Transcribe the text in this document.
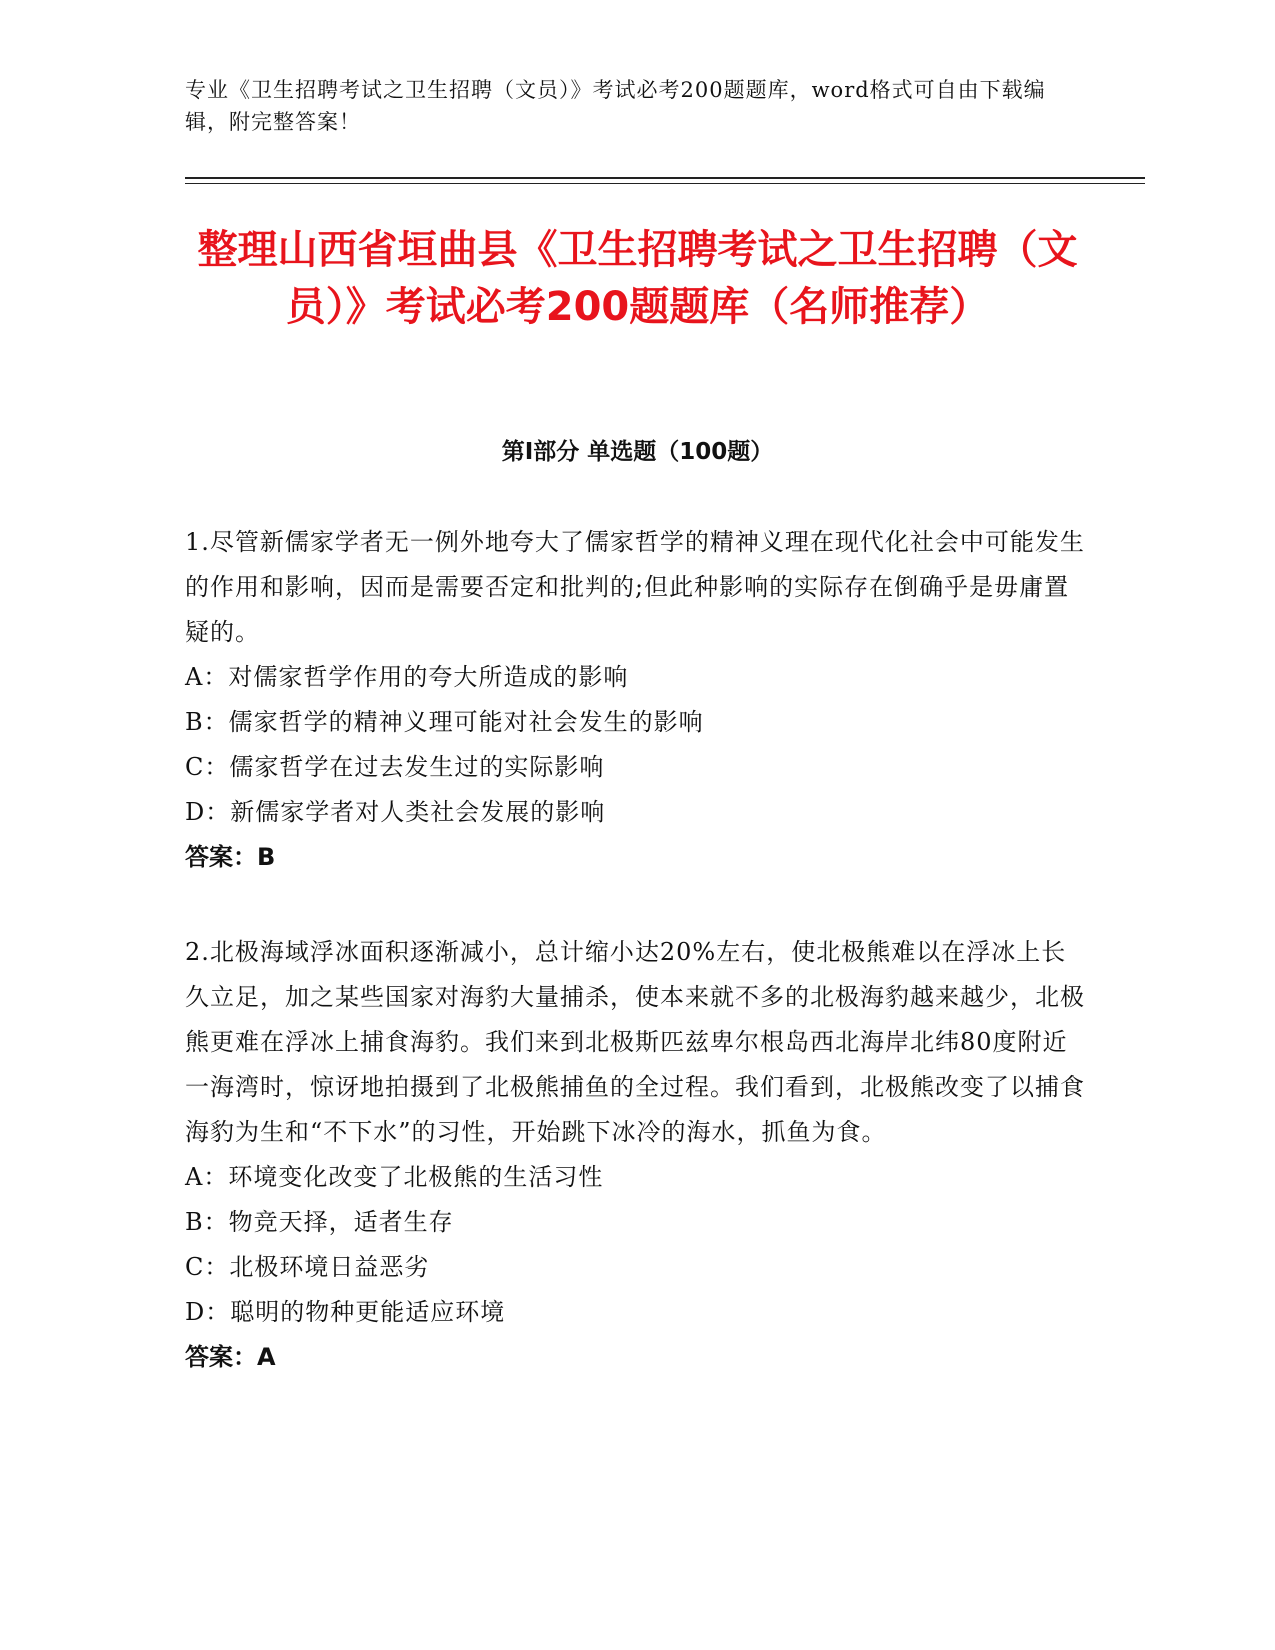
专业《卫生招聘考试之卫生招聘（文员）》考试必考200题题库，word格式可自由下载编辑，附完整答案！
整理山西省垣曲县《卫生招聘考试之卫生招聘（文员）》考试必考200题题库（名师推荐）
第I部分 单选题（100题）
1.尽管新儒家学者无一例外地夸大了儒家哲学的精神义理在现代化社会中可能发生的作用和影响，因而是需要否定和批判的;但此种影响的实际存在倒确乎是毋庸置疑的。
A：对儒家哲学作用的夸大所造成的影响
B：儒家哲学的精神义理可能对社会发生的影响
C：儒家哲学在过去发生过的实际影响
D：新儒家学者对人类社会发展的影响
答案：B
2.北极海域浮冰面积逐渐减小，总计缩小达20%左右，使北极熊难以在浮冰上长久立足，加之某些国家对海豹大量捕杀，使本来就不多的北极海豹越来越少，北极熊更难在浮冰上捕食海豹。我们来到北极斯匹兹卑尔根岛西北海岸北纬80度附近一海湾时，惊讶地拍摄到了北极熊捕鱼的全过程。我们看到，北极熊改变了以捕食海豹为生和“不下水”的习性，开始跳下冰冷的海水，抓鱼为食。
A：环境变化改变了北极熊的生活习性
B：物竞天择，适者生存
C：北极环境日益恶劣
D：聪明的物种更能适应环境
答案：A
